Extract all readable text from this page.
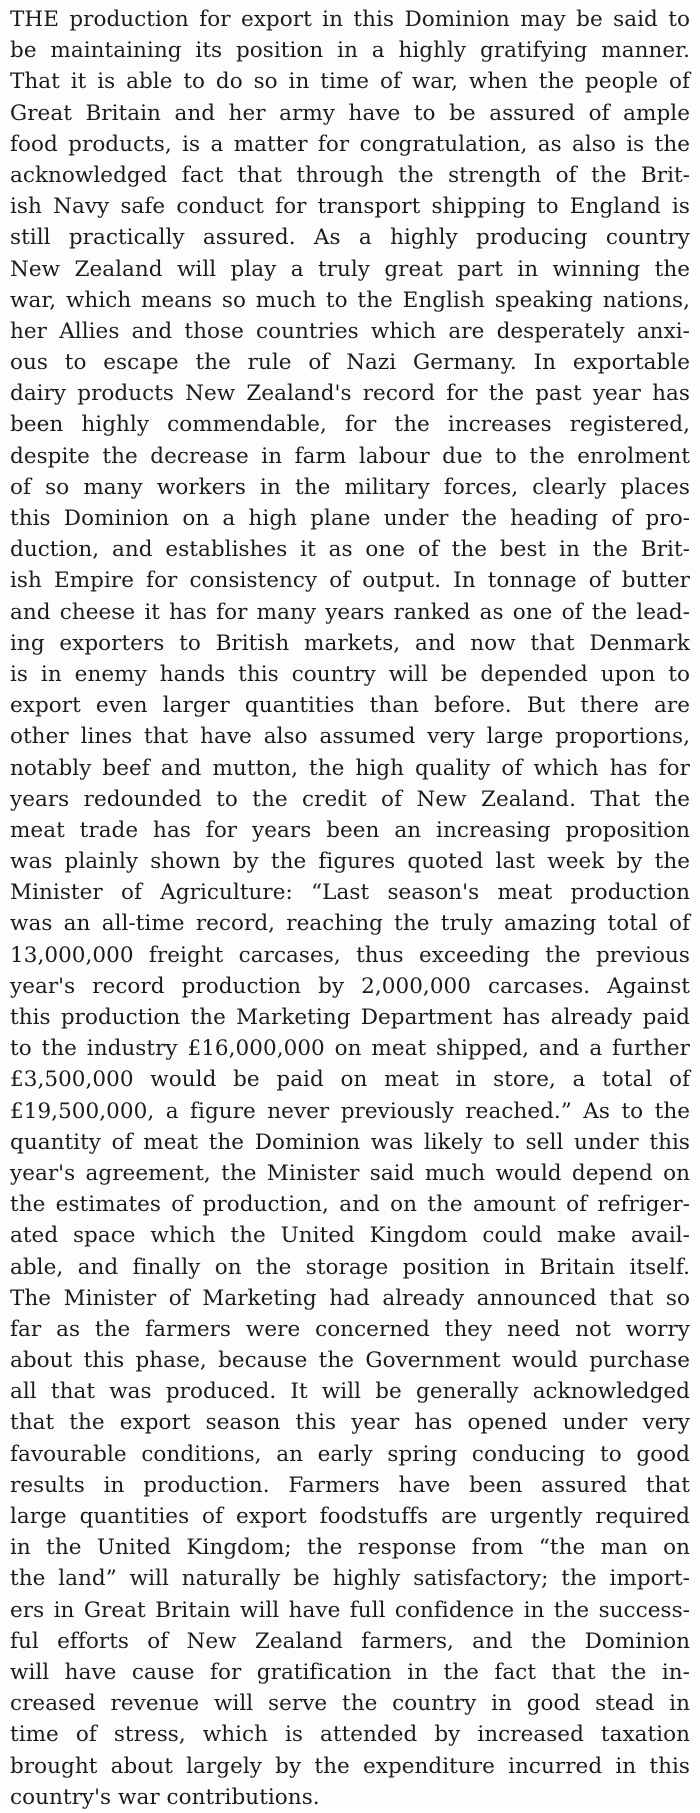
THE production for export in this Dominion may be said to
be maintaining its position in a highly gratifying manner.
That it is able to do so in time of war, when the people of
Great Britain and her army have to be assured of ample
food products, is a matter for congratulation, as also is the
acknowledged fact that through the strength of the Brit-
ish Navy safe conduct for transport shipping to England is
still practically assured. As a highly producing country
New Zealand will play a truly great part in winning the
war, which means so much to the English speaking nations,
her Allies and those countries which are desperately anxi-
ous to escape the rule of Nazi Germany. In exportable
dairy products New Zealand's record for the past year has
been highly commendable, for the increases registered,
despite the decrease in farm labour due to the enrolment
of so many workers in the military forces, clearly places
this Dominion on a high plane under the heading of pro-
duction, and establishes it as one of the best in the Brit-
ish Empire for consistency of output. In tonnage of butter
and cheese it has for many years ranked as one of the lead-
ing exporters to British markets, and now that Denmark
is in enemy hands this country will be depended upon to
export even larger quantities than before. But there are
other lines that have also assumed very large proportions,
notably beef and mutton, the high quality of which has for
years redounded to the credit of New Zealand. That the
meat trade has for years been an increasing proposition
was plainly shown by the figures quoted last week by the
Minister of Agriculture: “Last season's meat production
was an all-time record, reaching the truly amazing total of
13,000,000 freight carcases, thus exceeding the previous
year's record production by 2,000,000 carcases. Against
this production the Marketing Department has already paid
to the industry £16,000,000 on meat shipped, and a further
£3,500,000 would be paid on meat in store, a total of
£19,500,000, a figure never previously reached.” As to the
quantity of meat the Dominion was likely to sell under this
year's agreement, the Minister said much would depend on
the estimates of production, and on the amount of refriger-
ated space which the United Kingdom could make avail-
able, and finally on the storage position in Britain itself.
The Minister of Marketing had already announced that so
far as the farmers were concerned they need not worry
about this phase, because the Government would purchase
all that was produced. It will be generally acknowledged
that the export season this year has opened under very
favourable conditions, an early spring conducing to good
results in production. Farmers have been assured that
large quantities of export foodstuffs are urgently required
in the United Kingdom; the response from “the man on
the land” will naturally be highly satisfactory; the import-
ers in Great Britain will have full confidence in the success-
ful efforts of New Zealand farmers, and the Dominion
will have cause for gratification in the fact that the in-
creased revenue will serve the country in good stead in
time of stress, which is attended by increased taxation
brought about largely by the expenditure incurred in this
country's war contributions.
